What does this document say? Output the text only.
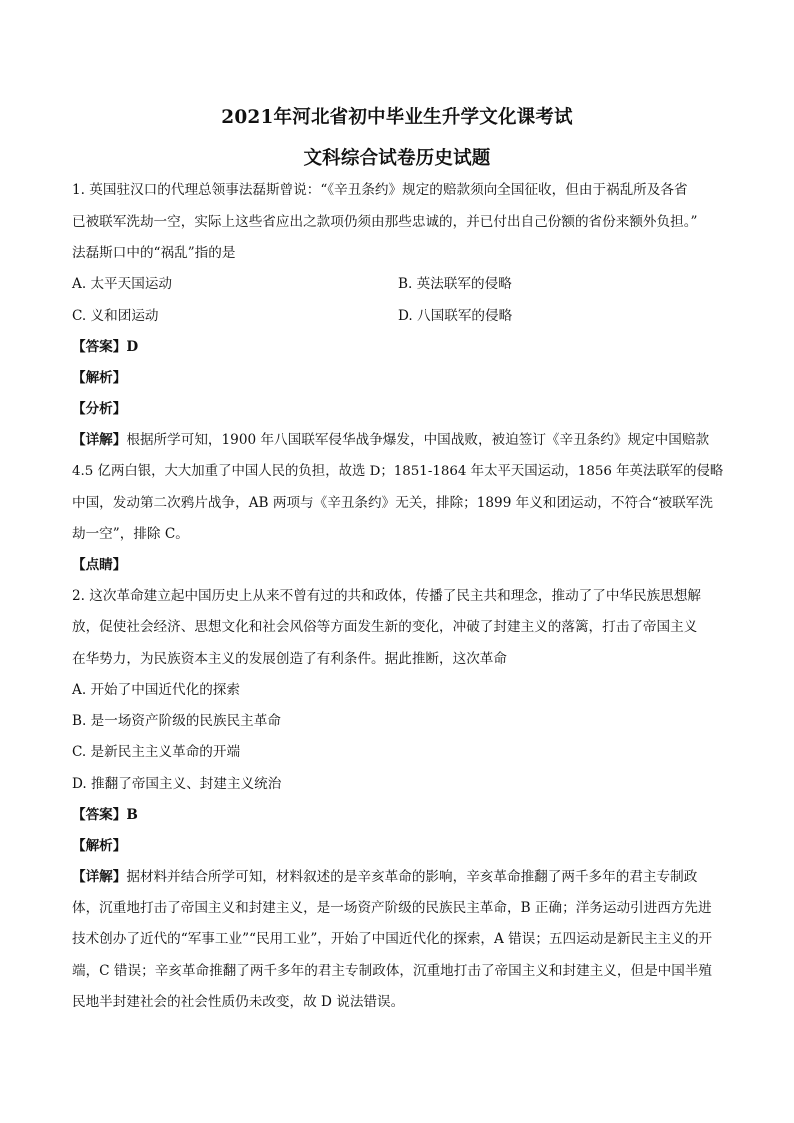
2021年河北省初中毕业生升学文化课考试
文科综合试卷历史试题
1. 英国驻汉口的代理总领事法磊斯曾说：“《辛丑条约》规定的赔款须向全国征收，但由于祸乱所及各省
已被联军洗劫一空，实际上这些省应出之款项仍须由那些忠诚的，并已付出自己份额的省份来额外负担。”
法磊斯口中的“祸乱”指的是
A. 太平天国运动	B. 英法联军的侵略
C. 义和团运动	D. 八国联军的侵略
【答案】D
【解析】
【分析】
【详解】根据所学可知，1900 年八国联军侵华战争爆发，中国战败，被迫签订《辛丑条约》规定中国赔款
4.5 亿两白银，大大加重了中国人民的负担，故选 D；1851-1864 年太平天国运动，1856 年英法联军的侵略
中国，发动第二次鸦片战争，AB 两项与《辛丑条约》无关，排除；1899 年义和团运动，不符合“被联军洗
劫一空”，排除 C。
【点睛】
2. 这次革命建立起中国历史上从来不曾有过的共和政体，传播了民主共和理念，推动了了中华民族思想解
放，促使社会经济、思想文化和社会风俗等方面发生新的变化，冲破了封建主义的落篱，打击了帝国主义
在华势力，为民族资本主义的发展创造了有利条件。据此推断，这次革命
A. 开始了中国近代化的探索
B. 是一场资产阶级的民族民主革命
C. 是新民主主义革命的开端
D. 推翻了帝国主义、封建主义统治
【答案】B
【解析】
【详解】据材料并结合所学可知，材料叙述的是辛亥革命的影响，辛亥革命推翻了两千多年的君主专制政
体，沉重地打击了帝国主义和封建主义，是一场资产阶级的民族民主革命，B 正确；洋务运动引进西方先进
技术创办了近代的“军事工业”“民用工业”，开始了中国近代化的探索，A 错误；五四运动是新民主主义的开
端，C 错误；辛亥革命推翻了两千多年的君主专制政体，沉重地打击了帝国主义和封建主义，但是中国半殖
民地半封建社会的社会性质仍未改变，故 D 说法错误。
